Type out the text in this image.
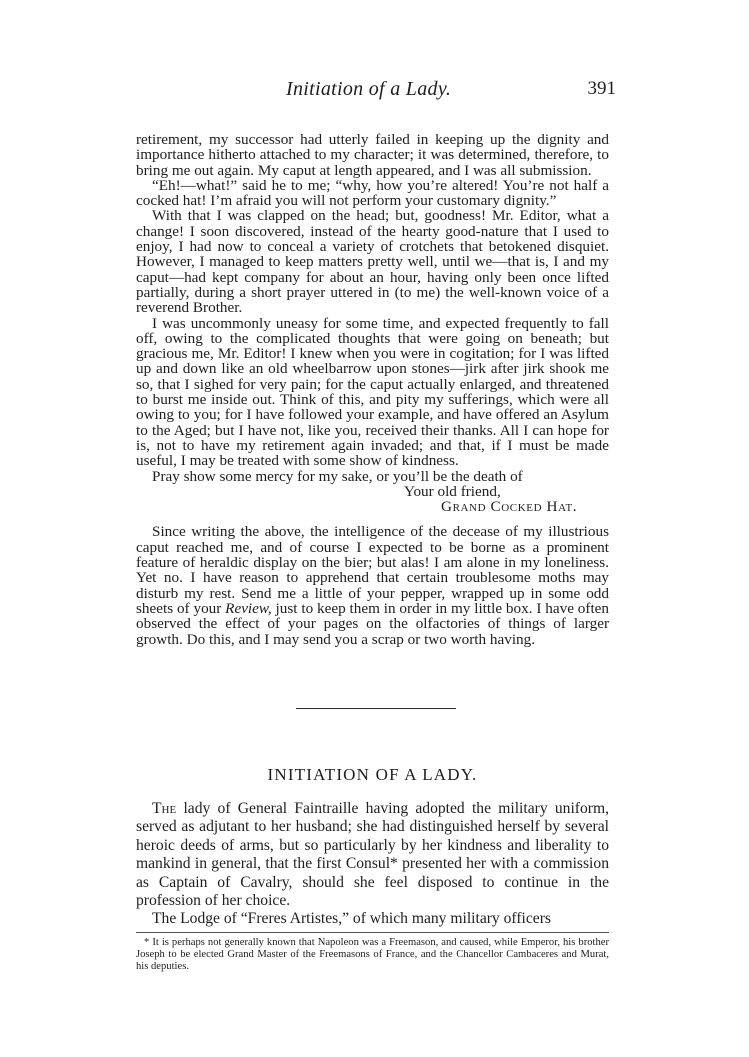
Initiation of a Lady.	391

retirement, my successor had utterly failed in keeping up the dignity and importance hitherto attached to my character; it was determined, therefore, to bring me out again. My caput at length appeared, and I was all submission.

“Eh!—what!” said he to me; “why, how you’re altered! You’re not half a cocked hat! I’m afraid you will not perform your customary dignity.”

With that I was clapped on the head; but, goodness! Mr. Editor, what a change! I soon discovered, instead of the hearty good-nature that I used to enjoy, I had now to conceal a variety of crotchets that betokened disquiet. However, I managed to keep matters pretty well, until we—that is, I and my caput—had kept company for about an hour, having only been once lifted partially, during a short prayer uttered in (to me) the well-known voice of a reverend Brother.

I was uncommonly uneasy for some time, and expected frequently to fall off, owing to the complicated thoughts that were going on beneath; but gracious me, Mr. Editor! I knew when you were in cogitation; for I was lifted up and down like an old wheelbarrow upon stones—jirk after jirk shook me so, that I sighed for very pain; for the caput actually enlarged, and threatened to burst me inside out. Think of this, and pity my sufferings, which were all owing to you; for I have followed your example, and have offered an Asylum to the Aged; but I have not, like you, received their thanks. All I can hope for is, not to have my retirement again invaded; and that, if I must be made useful, I may be treated with some show of kindness.

Pray show some mercy for my sake, or you’ll be the death of

Your old friend,

Grand Cocked Hat.

Since writing the above, the intelligence of the decease of my illustrious caput reached me, and of course I expected to be borne as a prominent feature of heraldic display on the bier; but alas! I am alone in my loneliness. Yet no. I have reason to apprehend that certain troublesome moths may disturb my rest. Send me a little of your pepper, wrapped up in some odd sheets of your Review, just to keep them in order in my little box. I have often observed the effect of your pages on the olfactories of things of larger growth. Do this, and I may send you a scrap or two worth having.

INITIATION OF A LADY.

The lady of General Faintraille having adopted the military uniform, served as adjutant to her husband; she had distinguished herself by several heroic deeds of arms, but so particularly by her kindness and liberality to mankind in general, that the first Consul* presented her with a commission as Captain of Cavalry, should she feel disposed to continue in the profession of her choice.

The Lodge of “Freres Artistes,” of which many military officers

* It is perhaps not generally known that Napoleon was a Freemason, and caused, while Emperor, his brother Joseph to be elected Grand Master of the Freemasons of France, and the Chancellor Cambaceres and Murat, his deputies.
